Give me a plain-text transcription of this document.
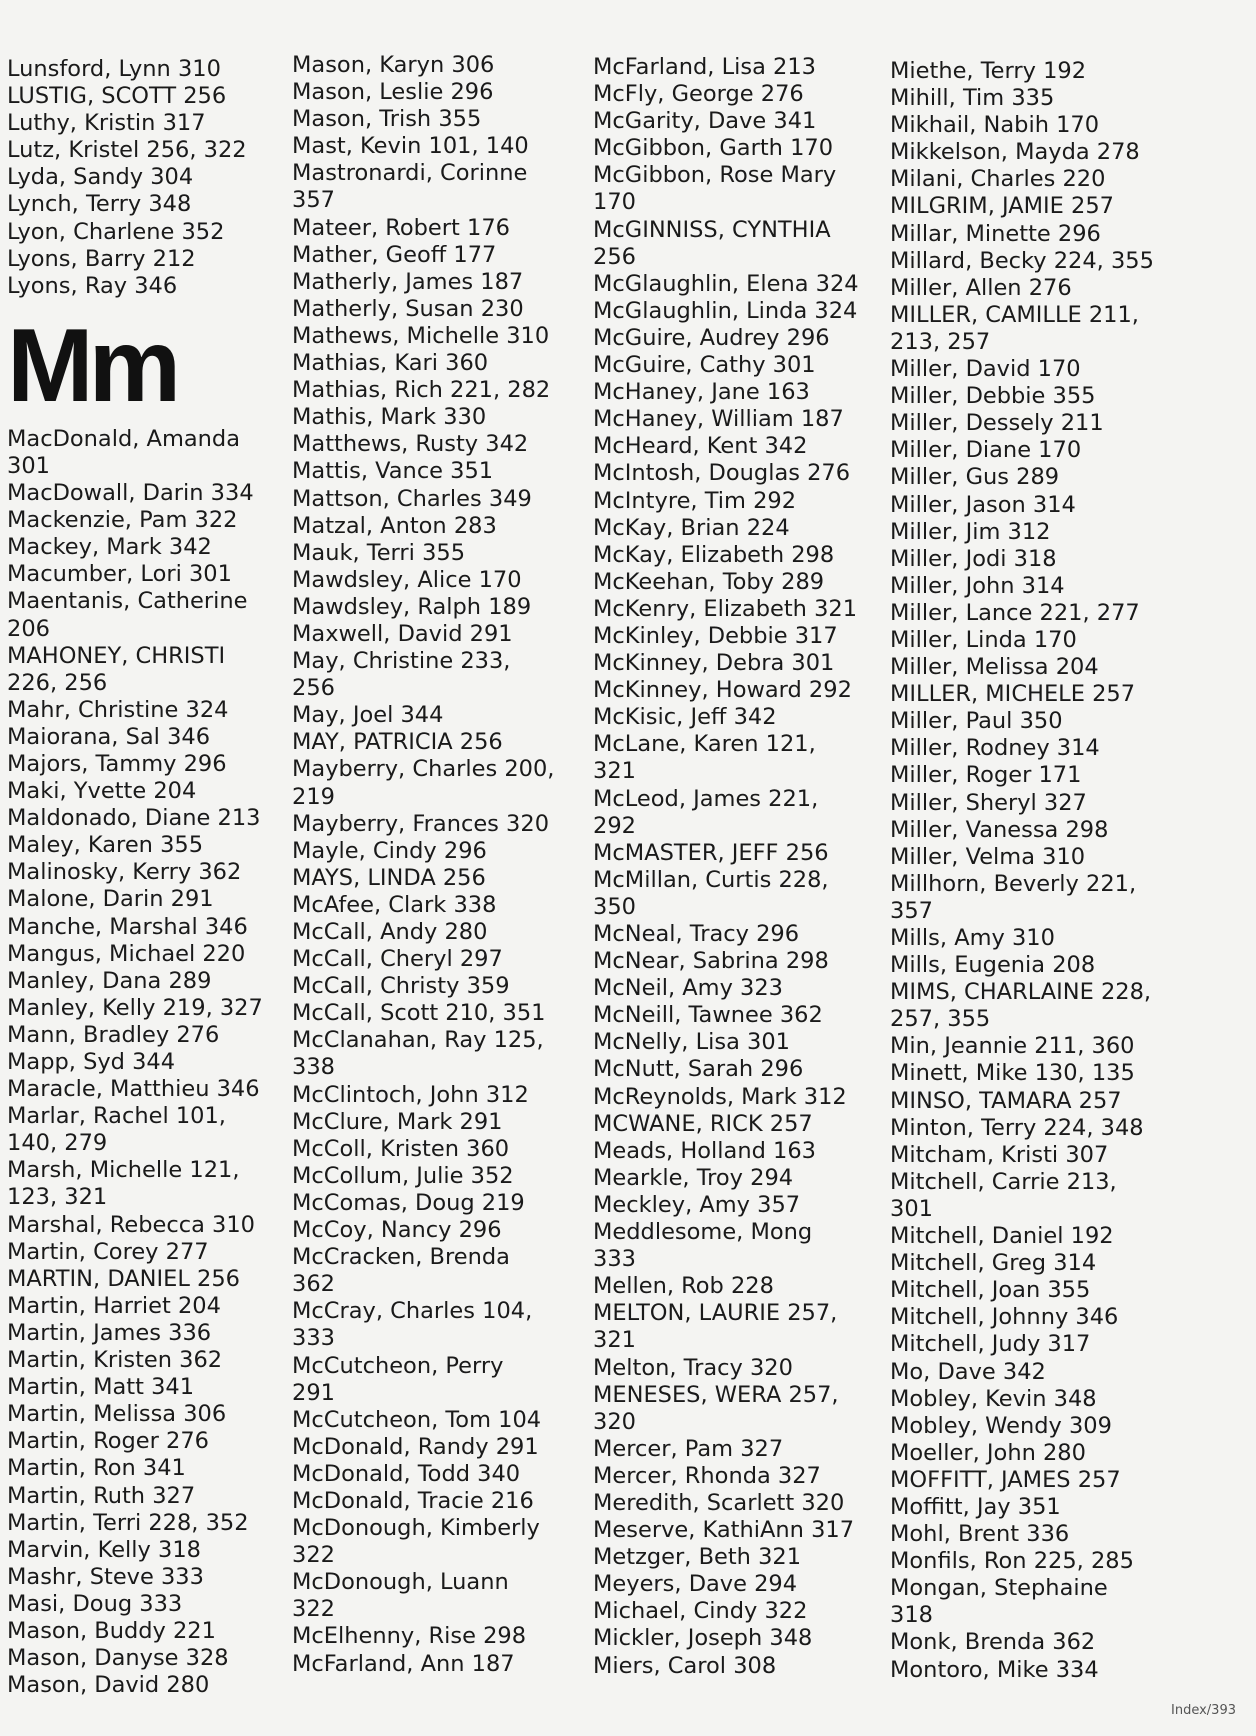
Lunsford, Lynn 310
LUSTIG, SCOTT 256
Luthy, Kristin 317
Lutz, Kristel 256, 322
Lyda, Sandy 304
Lynch, Terry 348
Lyon, Charlene 352
Lyons, Barry 212
Lyons, Ray 346
Mm
MacDonald, Amanda
301
MacDowall, Darin 334
Mackenzie, Pam 322
Mackey, Mark 342
Macumber, Lori 301
Maentanis, Catherine
206
MAHONEY, CHRISTI
226, 256
Mahr, Christine 324
Maiorana, Sal 346
Majors, Tammy 296
Maki, Yvette 204
Maldonado, Diane 213
Maley, Karen 355
Malinosky, Kerry 362
Malone, Darin 291
Manche, Marshal 346
Mangus, Michael 220
Manley, Dana 289
Manley, Kelly 219, 327
Mann, Bradley 276
Mapp, Syd 344
Maracle, Matthieu 346
Marlar, Rachel 101,
140, 279
Marsh, Michelle 121,
123, 321
Marshal, Rebecca 310
Martin, Corey 277
MARTIN, DANIEL 256
Martin, Harriet 204
Martin, James 336
Martin, Kristen 362
Martin, Matt 341
Martin, Melissa 306
Martin, Roger 276
Martin, Ron 341
Martin, Ruth 327
Martin, Terri 228, 352
Marvin, Kelly 318
Mashr, Steve 333
Masi, Doug 333
Mason, Buddy 221
Mason, Danyse 328
Mason, David 280
Mason, Karyn 306
Mason, Leslie 296
Mason, Trish 355
Mast, Kevin 101, 140
Mastronardi, Corinne
357
Mateer, Robert 176
Mather, Geoff 177
Matherly, James 187
Matherly, Susan 230
Mathews, Michelle 310
Mathias, Kari 360
Mathias, Rich 221, 282
Mathis, Mark 330
Matthews, Rusty 342
Mattis, Vance 351
Mattson, Charles 349
Matzal, Anton 283
Mauk, Terri 355
Mawdsley, Alice 170
Mawdsley, Ralph 189
Maxwell, David 291
May, Christine 233,
256
May, Joel 344
MAY, PATRICIA 256
Mayberry, Charles 200,
219
Mayberry, Frances 320
Mayle, Cindy 296
MAYS, LINDA 256
McAfee, Clark 338
McCall, Andy 280
McCall, Cheryl 297
McCall, Christy 359
McCall, Scott 210, 351
McClanahan, Ray 125,
338
McClintoch, John 312
McClure, Mark 291
McColl, Kristen 360
McCollum, Julie 352
McComas, Doug 219
McCoy, Nancy 296
McCracken, Brenda
362
McCray, Charles 104,
333
McCutcheon, Perry
291
McCutcheon, Tom 104
McDonald, Randy 291
McDonald, Todd 340
McDonald, Tracie 216
McDonough, Kimberly
322
McDonough, Luann
322
McElhenny, Rise 298
McFarland, Ann 187
McFarland, Lisa 213
McFly, George 276
McGarity, Dave 341
McGibbon, Garth 170
McGibbon, Rose Mary
170
McGINNISS, CYNTHIA
256
McGlaughlin, Elena 324
McGlaughlin, Linda 324
McGuire, Audrey 296
McGuire, Cathy 301
McHaney, Jane 163
McHaney, William 187
McHeard, Kent 342
McIntosh, Douglas 276
McIntyre, Tim 292
McKay, Brian 224
McKay, Elizabeth 298
McKeehan, Toby 289
McKenry, Elizabeth 321
McKinley, Debbie 317
McKinney, Debra 301
McKinney, Howard 292
McKisic, Jeff 342
McLane, Karen 121,
321
McLeod, James 221,
292
McMASTER, JEFF 256
McMillan, Curtis 228,
350
McNeal, Tracy 296
McNear, Sabrina 298
McNeil, Amy 323
McNeill, Tawnee 362
McNelly, Lisa 301
McNutt, Sarah 296
McReynolds, Mark 312
MCWANE, RICK 257
Meads, Holland 163
Mearkle, Troy 294
Meckley, Amy 357
Meddlesome, Mong
333
Mellen, Rob 228
MELTON, LAURIE 257,
321
Melton, Tracy 320
MENESES, WERA 257,
320
Mercer, Pam 327
Mercer, Rhonda 327
Meredith, Scarlett 320
Meserve, KathiAnn 317
Metzger, Beth 321
Meyers, Dave 294
Michael, Cindy 322
Mickler, Joseph 348
Miers, Carol 308
Miethe, Terry 192
Mihill, Tim 335
Mikhail, Nabih 170
Mikkelson, Mayda 278
Milani, Charles 220
MILGRIM, JAMIE 257
Millar, Minette 296
Millard, Becky 224, 355
Miller, Allen 276
MILLER, CAMILLE 211,
213, 257
Miller, David 170
Miller, Debbie 355
Miller, Dessely 211
Miller, Diane 170
Miller, Gus 289
Miller, Jason 314
Miller, Jim 312
Miller, Jodi 318
Miller, John 314
Miller, Lance 221, 277
Miller, Linda 170
Miller, Melissa 204
MILLER, MICHELE 257
Miller, Paul 350
Miller, Rodney 314
Miller, Roger 171
Miller, Sheryl 327
Miller, Vanessa 298
Miller, Velma 310
Millhorn, Beverly 221,
357
Mills, Amy 310
Mills, Eugenia 208
MIMS, CHARLAINE 228,
257, 355
Min, Jeannie 211, 360
Minett, Mike 130, 135
MINSO, TAMARA 257
Minton, Terry 224, 348
Mitcham, Kristi 307
Mitchell, Carrie 213,
301
Mitchell, Daniel 192
Mitchell, Greg 314
Mitchell, Joan 355
Mitchell, Johnny 346
Mitchell, Judy 317
Mo, Dave 342
Mobley, Kevin 348
Mobley, Wendy 309
Moeller, John 280
MOFFITT, JAMES 257
Moffitt, Jay 351
Mohl, Brent 336
Monfils, Ron 225, 285
Mongan, Stephaine
318
Monk, Brenda 362
Montoro, Mike 334
Index/393
